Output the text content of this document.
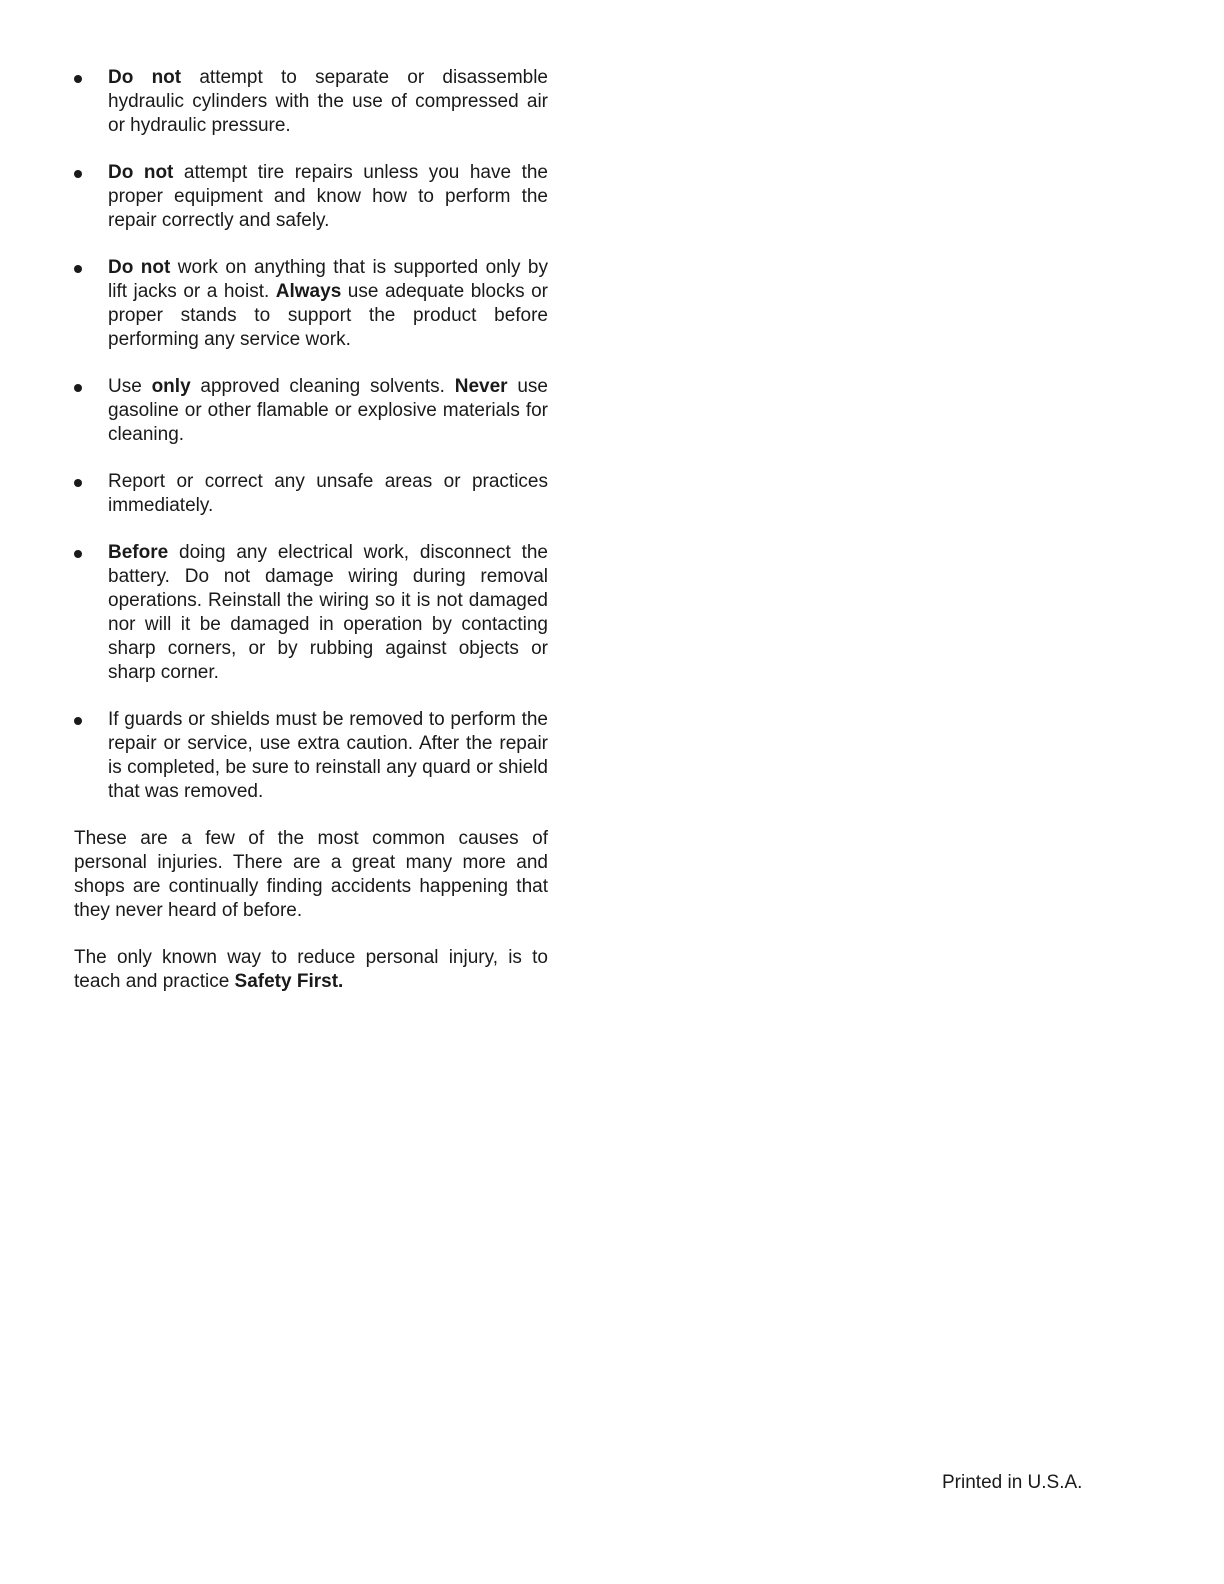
Do not attempt to separate or disassemble hydraulic cylinders with the use of compressed air or hydraulic pressure.
Do not attempt tire repairs unless you have the proper equipment and know how to perform the repair correctly and safely.
Do not work on anything that is supported only by lift jacks or a hoist. Always use adequate blocks or proper stands to support the product before performing any service work.
Use only approved cleaning solvents. Never use gasoline or other flamable or explosive materials for cleaning.
Report or correct any unsafe areas or practices immediately.
Before doing any electrical work, disconnect the battery. Do not damage wiring during removal operations. Reinstall the wiring so it is not damaged nor will it be damaged in operation by contacting sharp corners, or by rubbing against objects or sharp corner.
If guards or shields must be removed to perform the repair or service, use extra caution. After the repair is completed, be sure to reinstall any quard or shield that was removed.

These are a few of the most common causes of personal injuries. There are a great many more and shops are continually finding accidents happening that they never heard of before.

The only known way to reduce personal injury, is to teach and practice Safety First.

Printed in U.S.A.
